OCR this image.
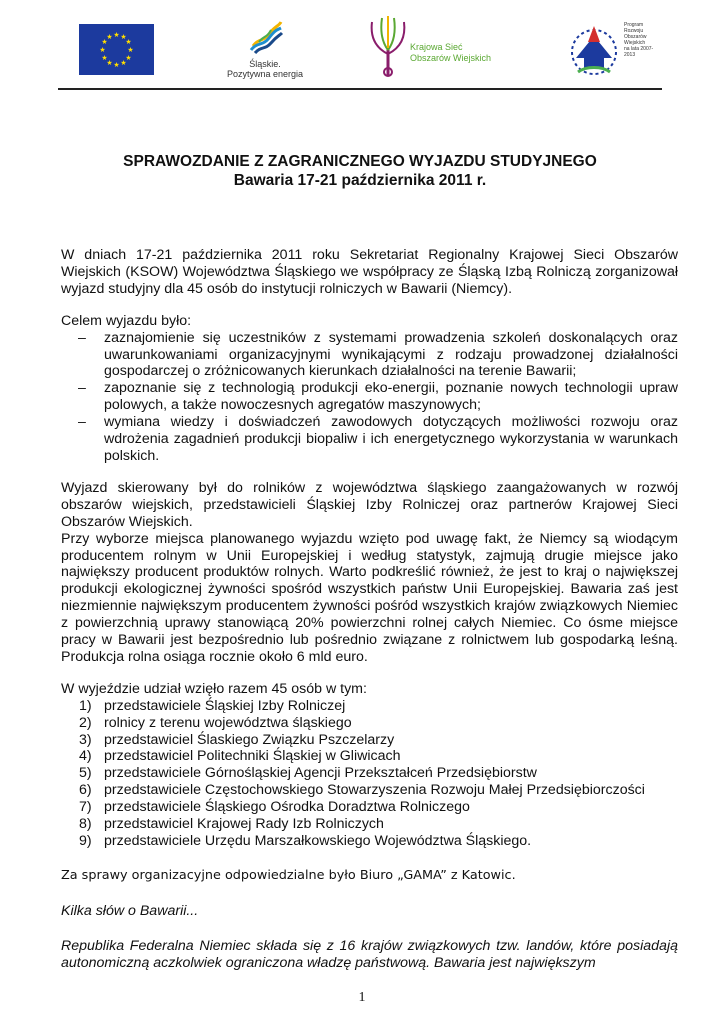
★ ★
★
★
★
★
★
★
★
★
★
★
Śląskie.
Pozytywna energia
Krajowa Sieć
Obszarów Wiejskich
Program
Rozwoju
Obszarów
Wiejskich
na lata 2007-2013
SPRAWOZDANIE Z ZAGRANICZNEGO WYJAZDU STUDYJNEGO
Bawaria 17-21 października 2011 r.

W dniach 17-21 października 2011 roku Sekretariat Regionalny Krajowej Sieci Obszarów Wiejskich (KSOW) Województwa Śląskiego we współpracy ze Śląską Izbą Rolniczą zorganizował wyjazd studyjny dla 45 osób do instytucji rolniczych w Bawarii (Niemcy).

Celem wyjazdu było:

– zaznajomienie się uczestników z systemami prowadzenia szkoleń doskonalących oraz uwarunkowaniami organizacyjnymi wynikającymi z rodzaju prowadzonej działalności gospodarczej o zróżnicowanych kierunkach działalności na terenie Bawarii;
– zapoznanie się z technologią produkcji eko-energii, poznanie nowych technologii upraw polowych, a także nowoczesnych agregatów maszynowych;
– wymiana wiedzy i doświadczeń zawodowych dotyczących możliwości rozwoju oraz wdrożenia zagadnień produkcji biopaliw i ich energetycznego wykorzystania w warunkach polskich.

Wyjazd skierowany był do rolników z województwa śląskiego zaangażowanych w rozwój obszarów wiejskich, przedstawicieli Śląskiej Izby Rolniczej oraz partnerów Krajowej Sieci Obszarów Wiejskich.

Przy wyborze miejsca planowanego wyjazdu wzięto pod uwagę fakt, że Niemcy są wiodącym producentem rolnym w Unii Europejskiej i według statystyk, zajmują drugie miejsce jako największy producent produktów rolnych. Warto podkreślić również, że jest to kraj o największej produkcji ekologicznej żywności spośród wszystkich państw Unii Europejskiej. Bawaria zaś jest niezmiennie największym producentem żywności pośród wszystkich krajów związkowych Niemiec z powierzchnią uprawy stanowiącą 20% powierzchni rolnej całych Niemiec. Co ósme miejsce pracy w Bawarii jest bezpośrednio lub pośrednio związane z rolnictwem lub gospodarką leśną. Produkcja rolna osiąga rocznie około 6 mld euro.

W wyjeździe udział wzięło razem 45 osób w tym:

1) przedstawiciele Śląskiej Izby Rolniczej
2) rolnicy z terenu województwa śląskiego
3) przedstawiciel Ślaskiego Związku Pszczelarzy
4) przedstawiciel Politechniki Śląskiej w Gliwicach
5) przedstawiciele Górnośląskiej Agencji Przekształceń Przedsiębiorstw
6) przedstawiciele Częstochowskiego Stowarzyszenia Rozwoju Małej Przedsiębiorczości
7) przedstawiciele Śląskiego Ośrodka Doradztwa Rolniczego
8) przedstawiciel Krajowej Rady Izb Rolniczych
9) przedstawiciele Urzędu Marszałkowskiego Województwa Śląskiego.

Za sprawy organizacyjne odpowiedzialne było Biuro „GAMA” z Katowic.

Kilka słów o Bawarii...

Republika Federalna Niemiec składa się z 16 krajów związkowych tzw. landów, które posiadają autonomiczną aczkolwiek ograniczona władzę państwową. Bawaria jest największym

1
